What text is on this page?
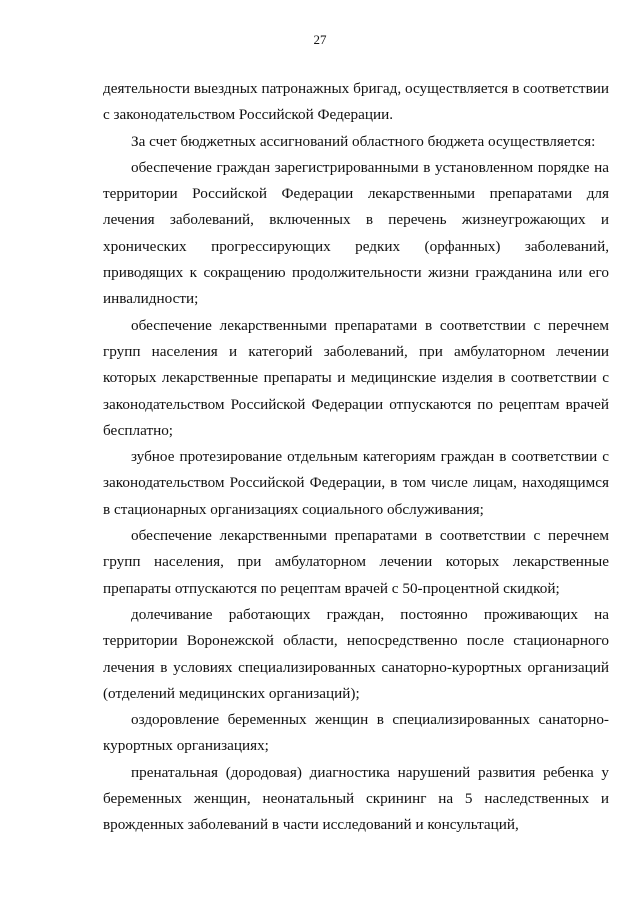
27

деятельности выездных патронажных бригад, осуществляется в соответствии с законодательством Российской Федерации.

За счет бюджетных ассигнований областного бюджета осуществляется:

обеспечение граждан зарегистрированными в установленном порядке на территории Российской Федерации лекарственными препаратами для лечения заболеваний, включенных в перечень жизнеугрожающих и хронических прогрессирующих редких (орфанных) заболеваний, приводящих к сокращению продолжительности жизни гражданина или его инвалидности;

обеспечение лекарственными препаратами в соответствии с перечнем групп населения и категорий заболеваний, при амбулаторном лечении которых лекарственные препараты и медицинские изделия в соответствии с законодательством Российской Федерации отпускаются по рецептам врачей бесплатно;

зубное протезирование отдельным категориям граждан в соответствии с законодательством Российской Федерации, в том числе лицам, находящимся в стационарных организациях социального обслуживания;

обеспечение лекарственными препаратами в соответствии с перечнем групп населения, при амбулаторном лечении которых лекарственные препараты отпускаются по рецептам врачей с 50-процентной скидкой;

долечивание работающих граждан, постоянно проживающих на территории Воронежской области, непосредственно после стационарного лечения в условиях специализированных санаторно-курортных организаций (отделений медицинских организаций);

оздоровление беременных женщин в специализированных санаторно-курортных организациях;

пренатальная (дородовая) диагностика нарушений развития ребенка у беременных женщин, неонатальный скрининг на 5 наследственных и врожденных заболеваний в части исследований и консультаций,
